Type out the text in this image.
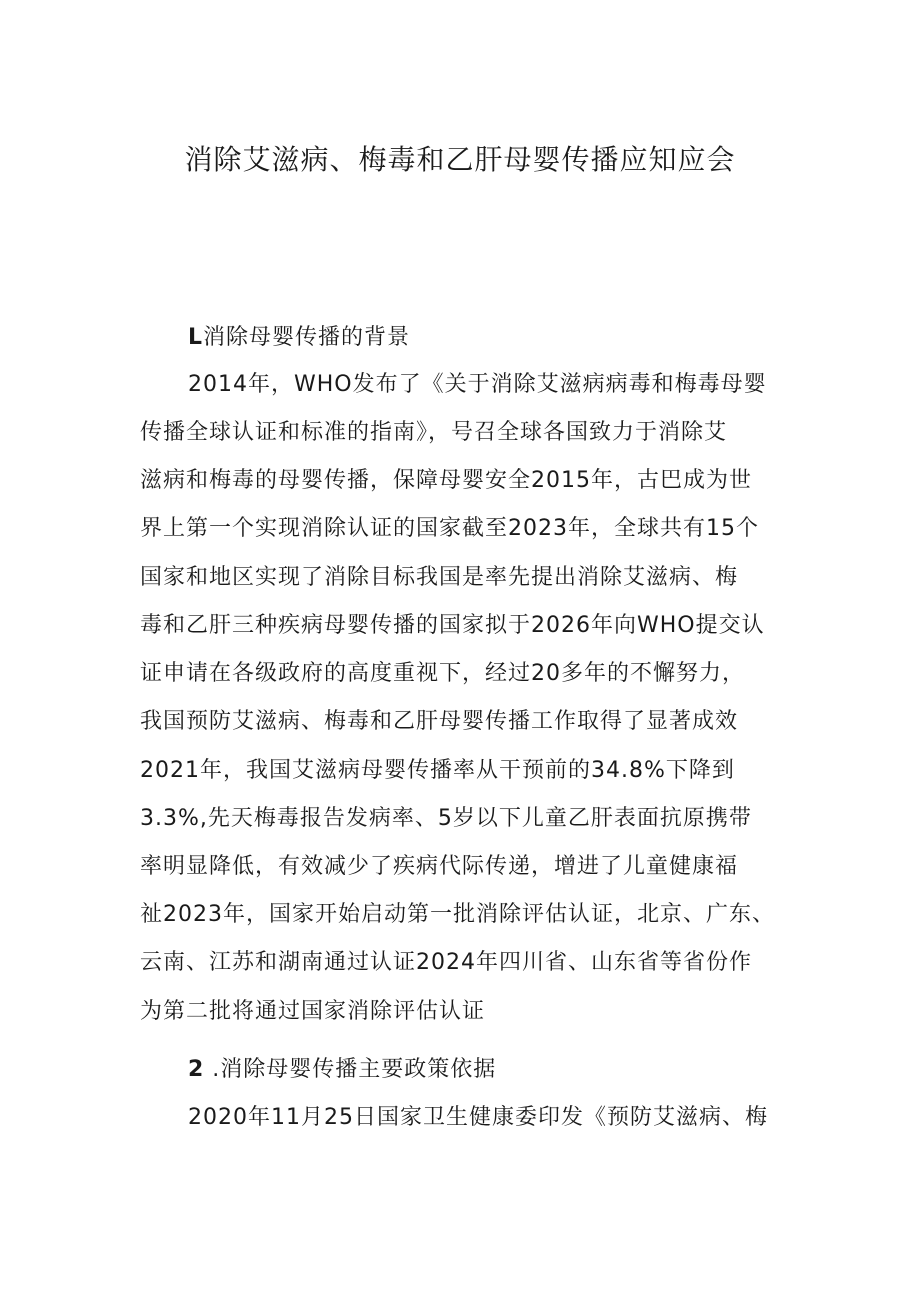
消除艾滋病、梅毒和乙肝母婴传播应知应会
L消除母婴传播的背景

2014年，WHO发布了《关于消除艾滋病病毒和梅毒母婴

传播全球认证和标准的指南》，号召全球各国致力于消除艾

滋病和梅毒的母婴传播，保障母婴安全2015年，古巴成为世

界上第一个实现消除认证的国家截至2023年，全球共有15个

国家和地区实现了消除目标我国是率先提出消除艾滋病、梅

毒和乙肝三种疾病母婴传播的国家拟于2026年向WHO提交认

证申请在各级政府的高度重视下，经过20多年的不懈努力，

我国预防艾滋病、梅毒和乙肝母婴传播工作取得了显著成效

2021年，我国艾滋病母婴传播率从干预前的34.8%下降到

3.3%,先天梅毒报告发病率、5岁以下儿童乙肝表面抗原携带

率明显降低，有效减少了疾病代际传递，增进了儿童健康福

祉2023年，国家开始启动第一批消除评估认证，北京、广东、

云南、江苏和湖南通过认证2024年四川省、山东省等省份作

为第二批将通过国家消除评估认证

2 .消除母婴传播主要政策依据

2020年11月25日国家卫生健康委印发《预防艾滋病、梅
